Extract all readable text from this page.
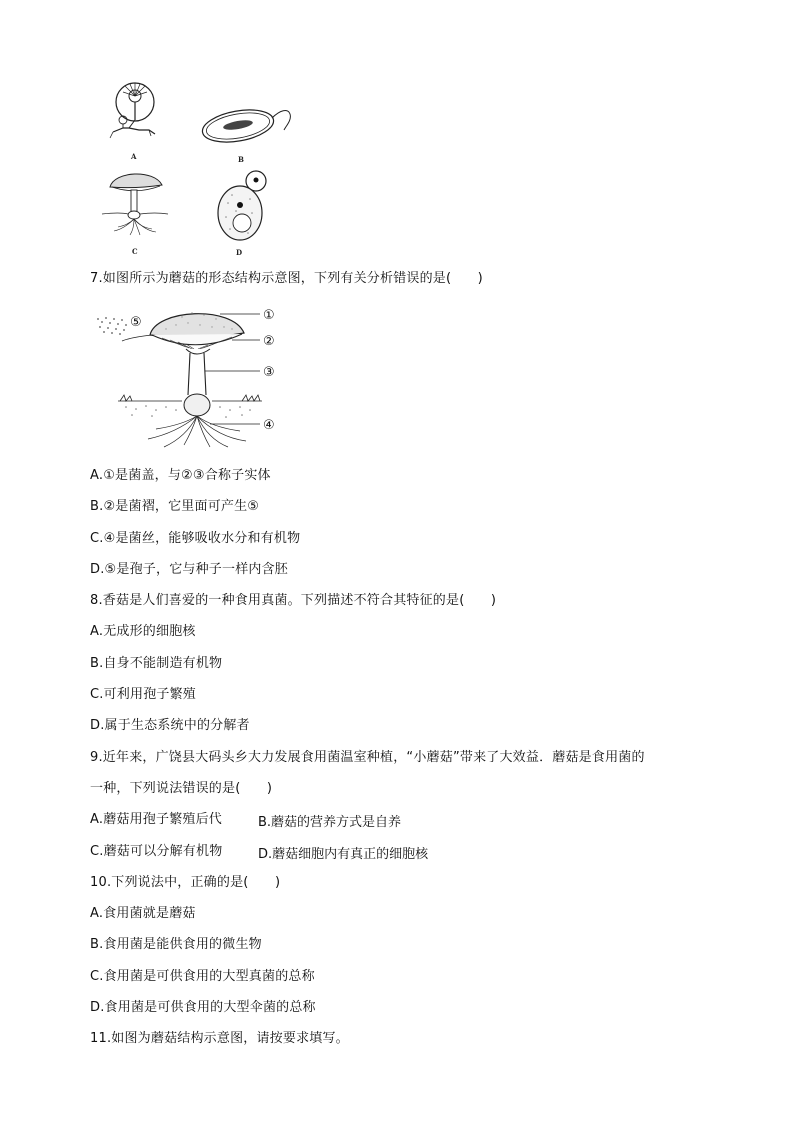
A	B
C	D
7.如图所示为蘑菇的形态结构示意图，下列有关分析错误的是(　　)
①
②
③
④
⑤
A.①是菌盖，与②③合称子实体
B.②是菌褶，它里面可产生⑤
C.④是菌丝，能够吸收水分和有机物
D.⑤是孢子，它与种子一样内含胚
8.香菇是人们喜爱的一种食用真菌。下列描述不符合其特征的是(　　)
A.无成形的细胞核
B.自身不能制造有机物
C.可利用孢子繁殖
D.属于生态系统中的分解者
9.近年来，广饶县大码头乡大力发展食用菌温室种植，“小蘑菇”带来了大效益．蘑菇是食用菌的
一种，下列说法错误的是(　　)
A.蘑菇用孢子繁殖后代	B.蘑菇的营养方式是自养
C.蘑菇可以分解有机物	D.蘑菇细胞内有真正的细胞核
10.下列说法中，正确的是(　　)
A.食用菌就是蘑菇
B.食用菌是能供食用的微生物
C.食用菌是可供食用的大型真菌的总称
D.食用菌是可供食用的大型伞菌的总称
11.如图为蘑菇结构示意图，请按要求填写。
